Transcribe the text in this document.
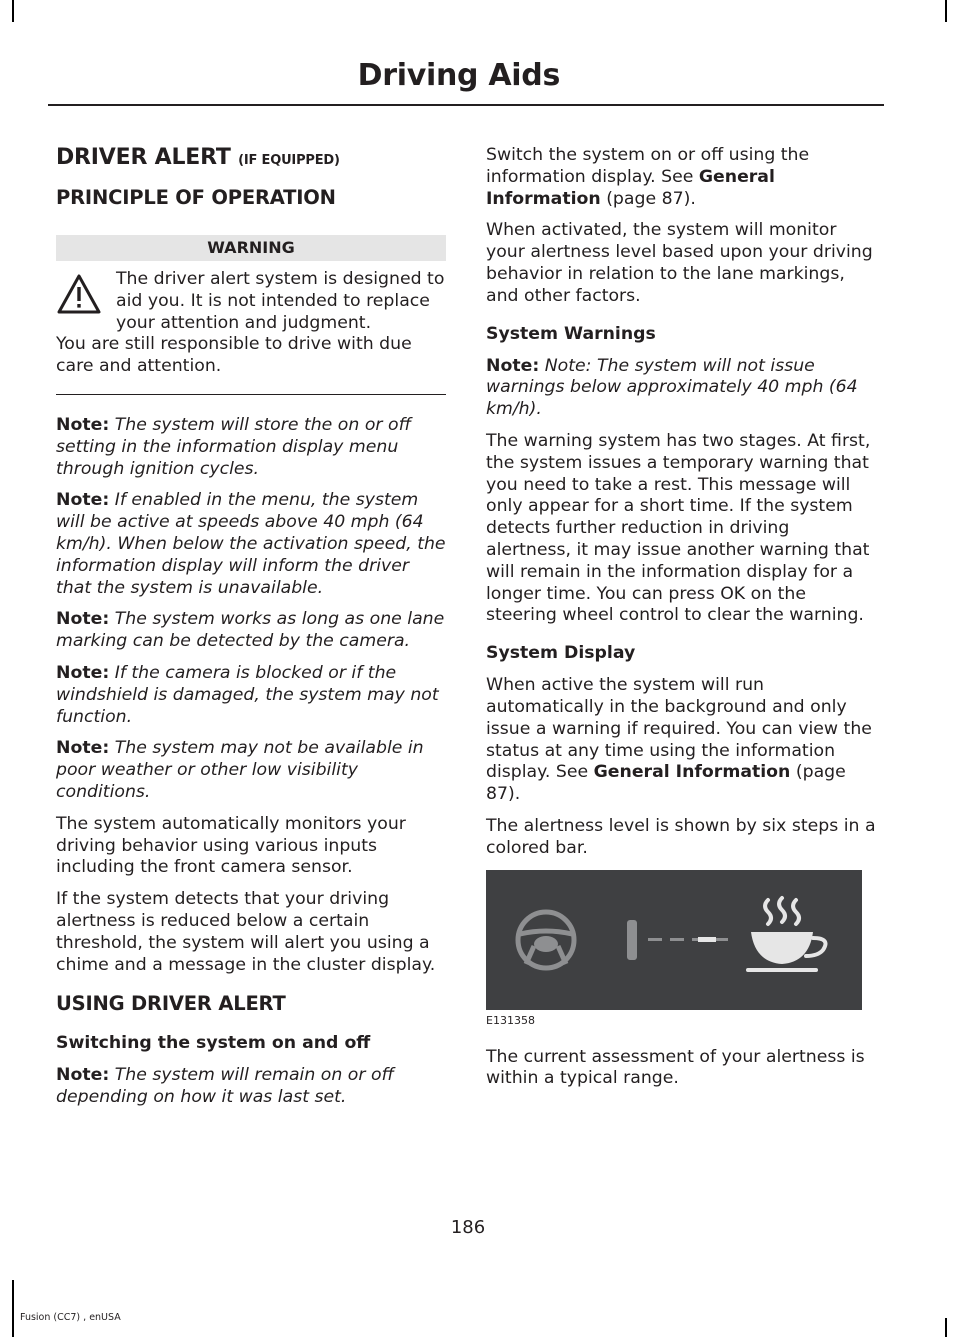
Driving Aids
DRIVER ALERT (IF EQUIPPED)
PRINCIPLE OF OPERATION
WARNING
The driver alert system is designed to aid you. It is not intended to replace your attention and judgment.
You are still responsible to drive with due care and attention.

Note: The system will store the on or off setting in the information display menu through ignition cycles.

Note: If enabled in the menu, the system will be active at speeds above 40 mph (64 km/h). When below the activation speed, the information display will inform the driver that the system is unavailable.

Note: The system works as long as one lane marking can be detected by the camera.

Note: If the camera is blocked or if the windshield is damaged, the system may not function.

Note: The system may not be available in poor weather or other low visibility conditions.

The system automatically monitors your driving behavior using various inputs including the front camera sensor.

If the system detects that your driving alertness is reduced below a certain threshold, the system will alert you using a chime and a message in the cluster display.

USING DRIVER ALERT
Switching the system on and off

Note: The system will remain on or off depending on how it was last set.

Switch the system on or off using the information display. See General Information (page 87).

When activated, the system will monitor your alertness level based upon your driving behavior in relation to the lane markings, and other factors.

System Warnings

Note: Note: The system will not issue warnings below approximately 40 mph (64 km/h).

The warning system has two stages. At first, the system issues a temporary warning that you need to take a rest. This message will only appear for a short time. If the system detects further reduction in driving alertness, it may issue another warning that will remain in the information display for a longer time. You can press OK on the steering wheel control to clear the warning.

System Display

When active the system will run automatically in the background and only issue a warning if required. You can view the status at any time using the information display. See General Information (page 87).

The alertness level is shown by six steps in a colored bar.

E131358

The current assessment of your alertness is within a typical range.

186
Fusion (CC7) , enUSA
